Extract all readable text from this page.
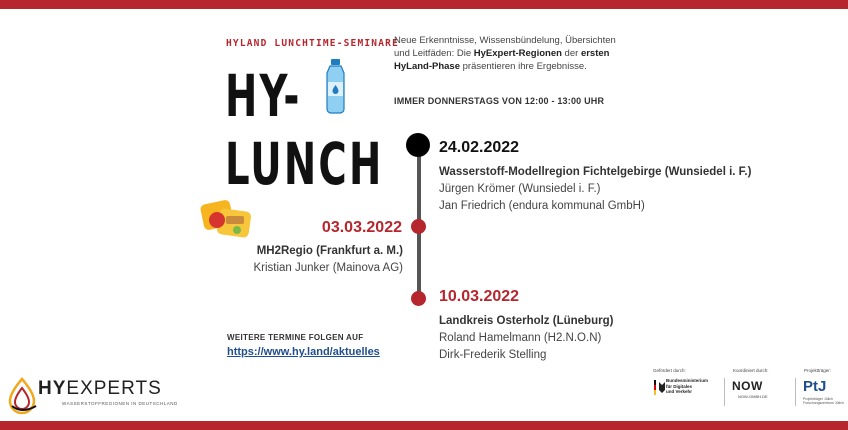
HYLAND LUNCHTIME-SEMINARE
HY-
LUNCH
Neue Erkenntnisse, Wissensbündelung, Übersichten und Leitfäden: Die HyExpert-Regionen der ersten HyLand-Phase präsentieren ihre Ergebnisse.
IMMER DONNERSTAGS VON 12:00 - 13:00 UHR
24.02.2022
Wasserstoff-Modellregion Fichtelgebirge (Wunsiedel i. F.)
Jürgen Krömer (Wunsiedel i. F.)
Jan Friedrich (endura kommunal GmbH)
03.03.2022
MH2Regio (Frankfurt a. M.)
Kristian Junker (Mainova AG)
10.03.2022
Landkreis Osterholz (Lüneburg)
Roland Hamelmann (H2.N.O.N)
Dirk-Frederik Stelling
WEITERE TERMINE FOLGEN AUF
https://www.hy.land/aktuelles
HYEXPERTS
WASSERSTOFFREGIONEN IN DEUTSCHLAND
Gefördert durch:
Bundesministerium
für Digitales
und Verkehr
Koordiniert durch:
NOW
NOW-GMBH.DE
Projektträger:
PtJ
Projektträger Jülich
Forschungszentrum Jülich
